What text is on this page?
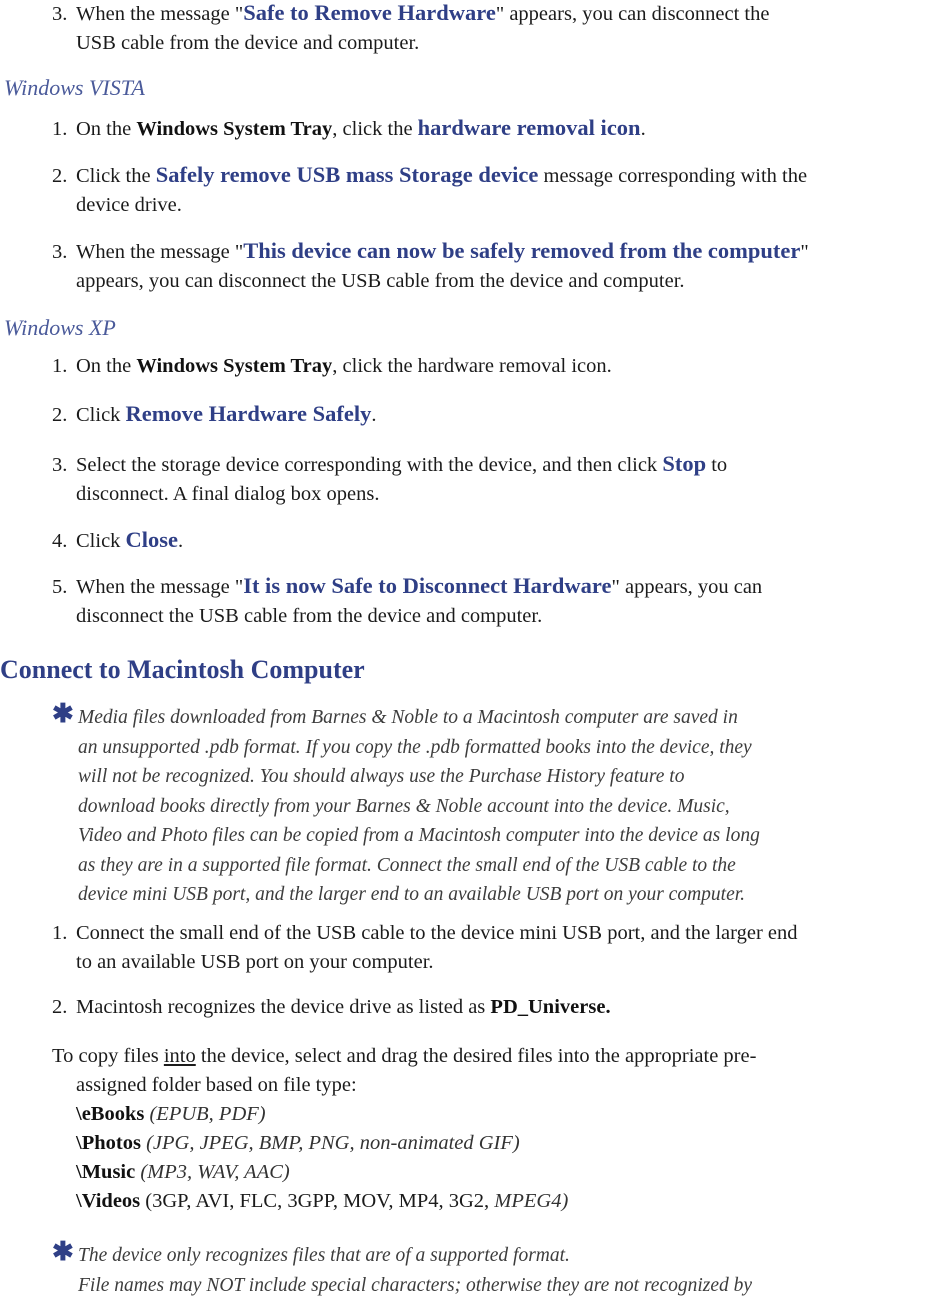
3. When the message "Safe to Remove Hardware" appears, you can disconnect the
USB cable from the device and computer.

Windows VISTA

1. On the Windows System Tray, click the hardware removal icon.

2. Click the Safely remove USB mass Storage device message corresponding with the
device drive.

3. When the message "This device can now be safely removed from the computer"
appears, you can disconnect the USB cable from the device and computer.

Windows XP

1. On the Windows System Tray, click the hardware removal icon.

2. Click Remove Hardware Safely.

3. Select the storage device corresponding with the device, and then click Stop to
disconnect. A final dialog box opens.

4. Click Close.

5. When the message "It is now Safe to Disconnect Hardware" appears, you can
disconnect the USB cable from the device and computer.

Connect to Macintosh Computer

✱ Media files downloaded from Barnes & Noble to a Macintosh computer are saved in
an unsupported .pdb format. If you copy the .pdb formatted books into the device, they
will not be recognized. You should always use the Purchase History feature to
download books directly from your Barnes & Noble account into the device. Music,
Video and Photo files can be copied from a Macintosh computer into the device as long
as they are in a supported file format. Connect the small end of the USB cable to the
device mini USB port, and the larger end to an available USB port on your computer.

1. Connect the small end of the USB cable to the device mini USB port, and the larger end
to an available USB port on your computer.

2. Macintosh recognizes the device drive as listed as PD_Universe.

To copy files into the device, select and drag the desired files into the appropriate pre-
assigned folder based on file type:
\eBooks (EPUB, PDF)
\Photos (JPG, JPEG, BMP, PNG, non-animated GIF)
\Music (MP3, WAV, AAC)
\Videos (3GP, AVI, FLC, 3GPP, MOV, MP4, 3G2, MPEG4)
✱ The device only recognizes files that are of a supported format.
File names may NOT include special characters; otherwise they are not recognized by
